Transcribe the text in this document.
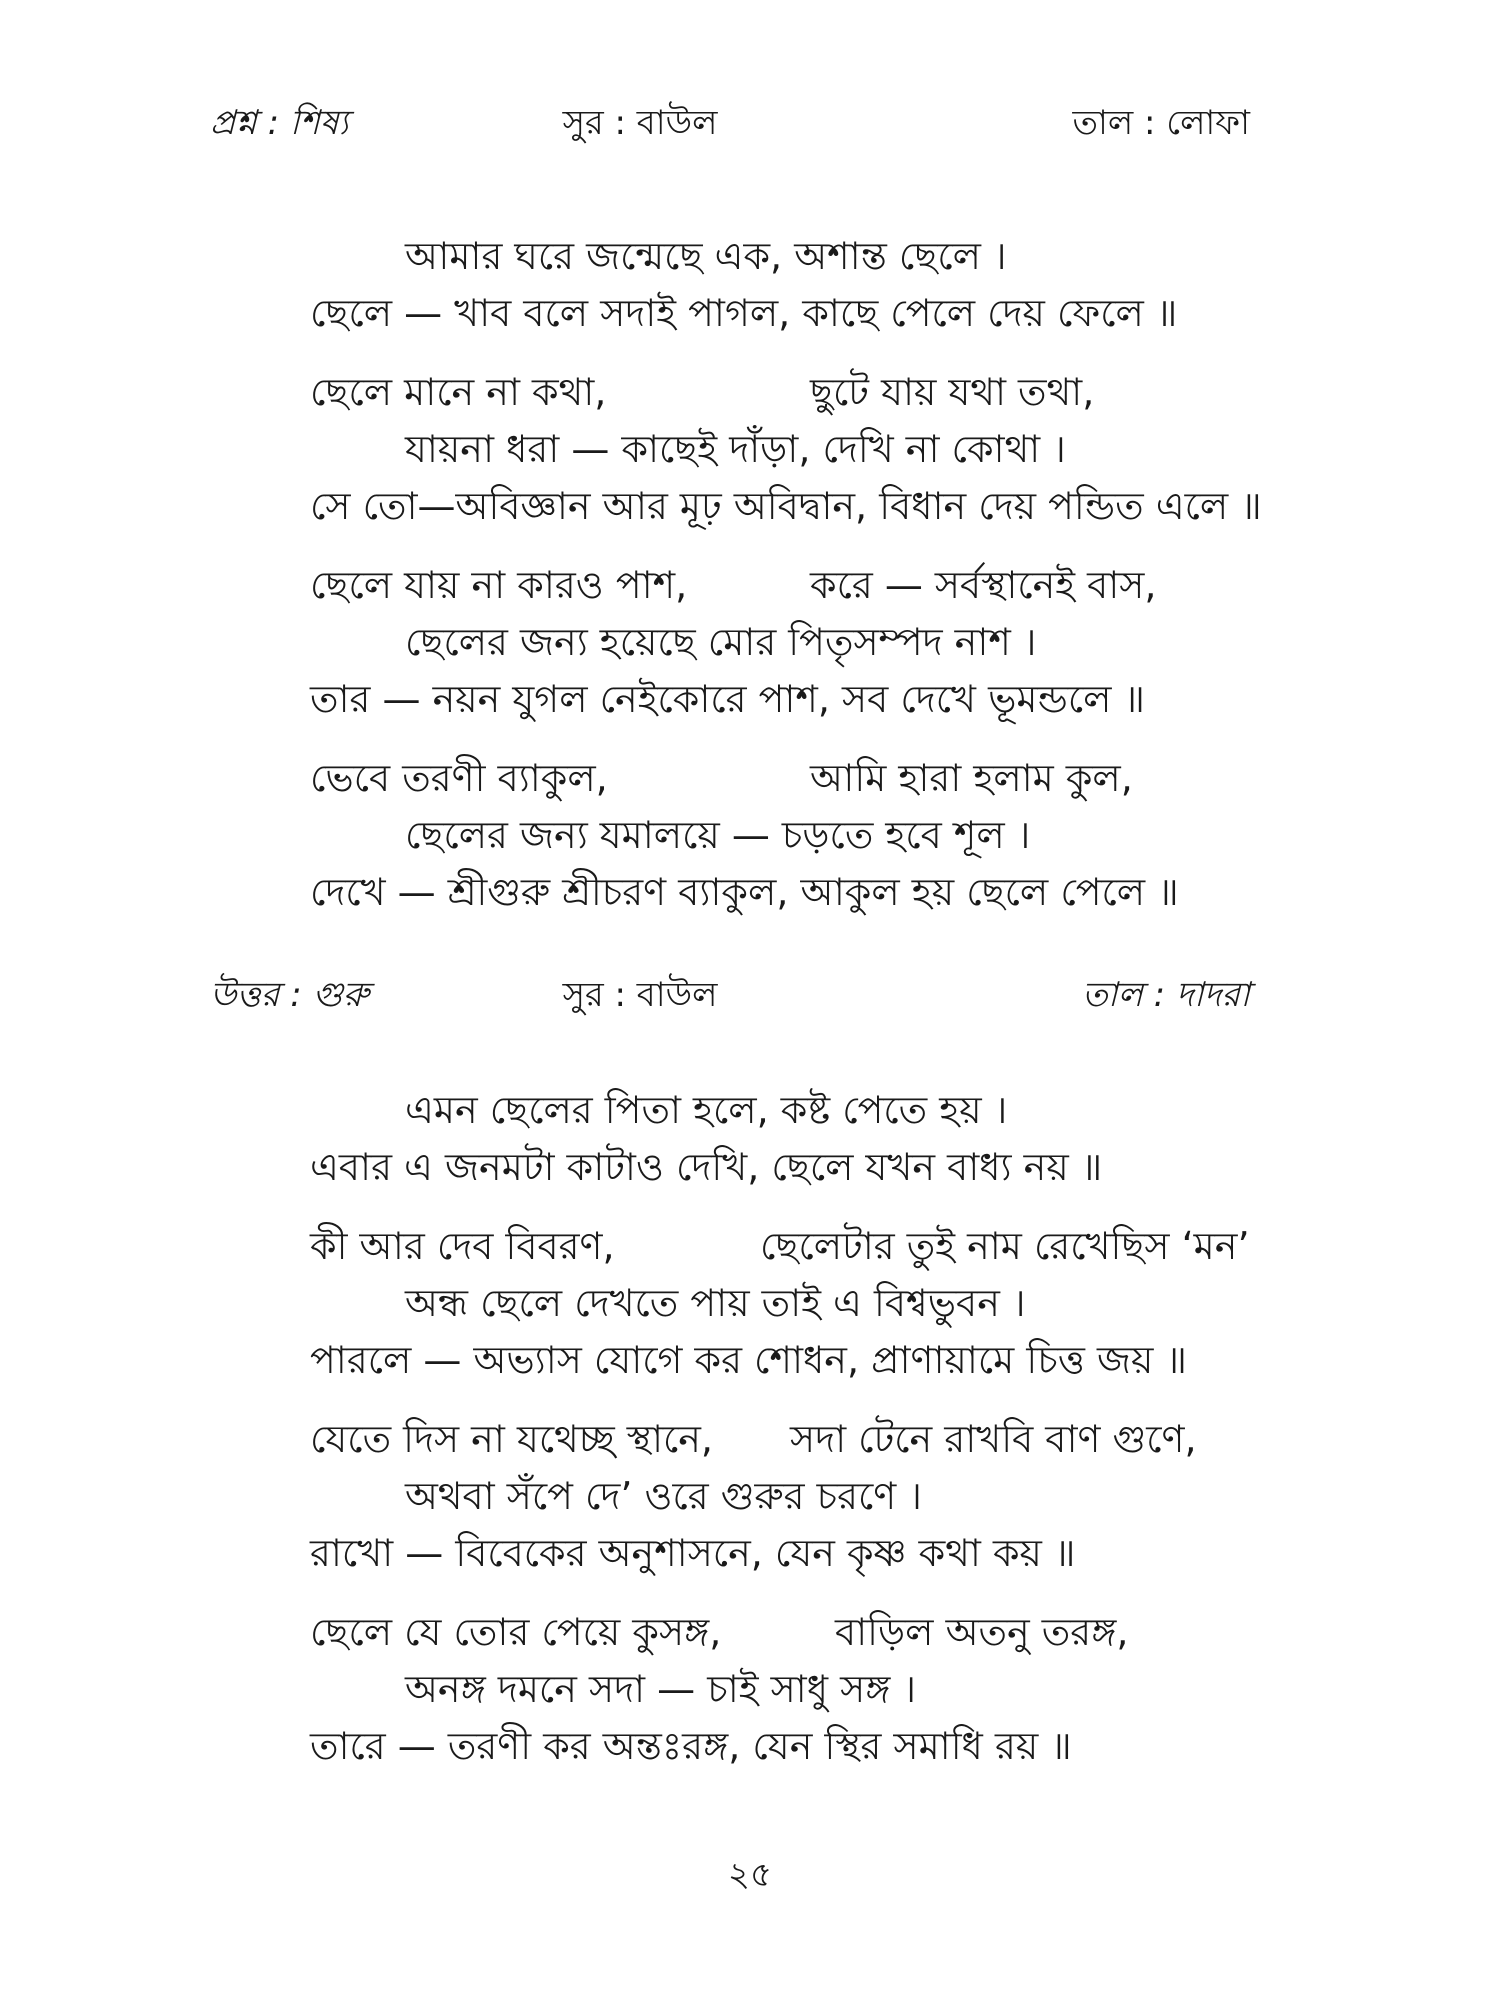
প্রশ্ন : শিষ্য	সুর : বাউল	তাল : লোফা
আমার ঘরে জন্মেছে এক, অশান্ত ছেলে ।
ছেলে — খাব বলে সদাই পাগল, কাছে পেলে দেয় ফেলে ॥
ছেলে মানে না কথা,	ছুটে যায় যথা তথা,
যায়না ধরা — কাছেই দাঁড়া, দেখি না কোথা ।
সে তো—অবিজ্ঞান আর মূঢ় অবিদ্বান, বিধান দেয় পন্ডিত এলে ॥
ছেলে যায় না কারও পাশ,	করে — সর্বস্থানেই বাস,
ছেলের জন্য হয়েছে মোর পিতৃসম্পদ নাশ ।
তার — নয়ন যুগল নেইকোরে পাশ, সব দেখে ভূমন্ডলে ॥
ভেবে তরণী ব্যাকুল,	আমি হারা হলাম কুল,
ছেলের জন্য যমালয়ে — চড়তে হবে শূল ।
দেখে — শ্রীগুরু শ্রীচরণ ব্যাকুল, আকুল হয় ছেলে পেলে ॥
উত্তর : গুরু	সুর : বাউল	তাল : দাদরা
এমন ছেলের পিতা হলে, কষ্ট পেতে হয় ।
এবার এ জনমটা কাটাও দেখি, ছেলে যখন বাধ্য নয় ॥
কী আর দেব বিবরণ,	ছেলেটার তুই নাম রেখেছিস ‘মন’
অন্ধ ছেলে দেখতে পায় তাই এ বিশ্বভুবন ।
পারলে — অভ্যাস যোগে কর শোধন, প্রাণায়ামে চিত্ত জয় ॥
যেতে দিস না যথেচ্ছ স্থানে, সদা টেনে রাখবি বাণ গুণে,
অথবা সঁপে দে’ ওরে গুরুর চরণে ।
রাখো — বিবেকের অনুশাসনে, যেন কৃষ্ণ কথা কয় ॥
ছেলে যে তোর পেয়ে কুসঙ্গ,	বাড়িল অতনু তরঙ্গ,
অনঙ্গ দমনে সদা — চাই সাধু সঙ্গ ।
তারে — তরণী কর অন্তঃরঙ্গ, যেন স্থির সমাধি রয় ॥
২৫
